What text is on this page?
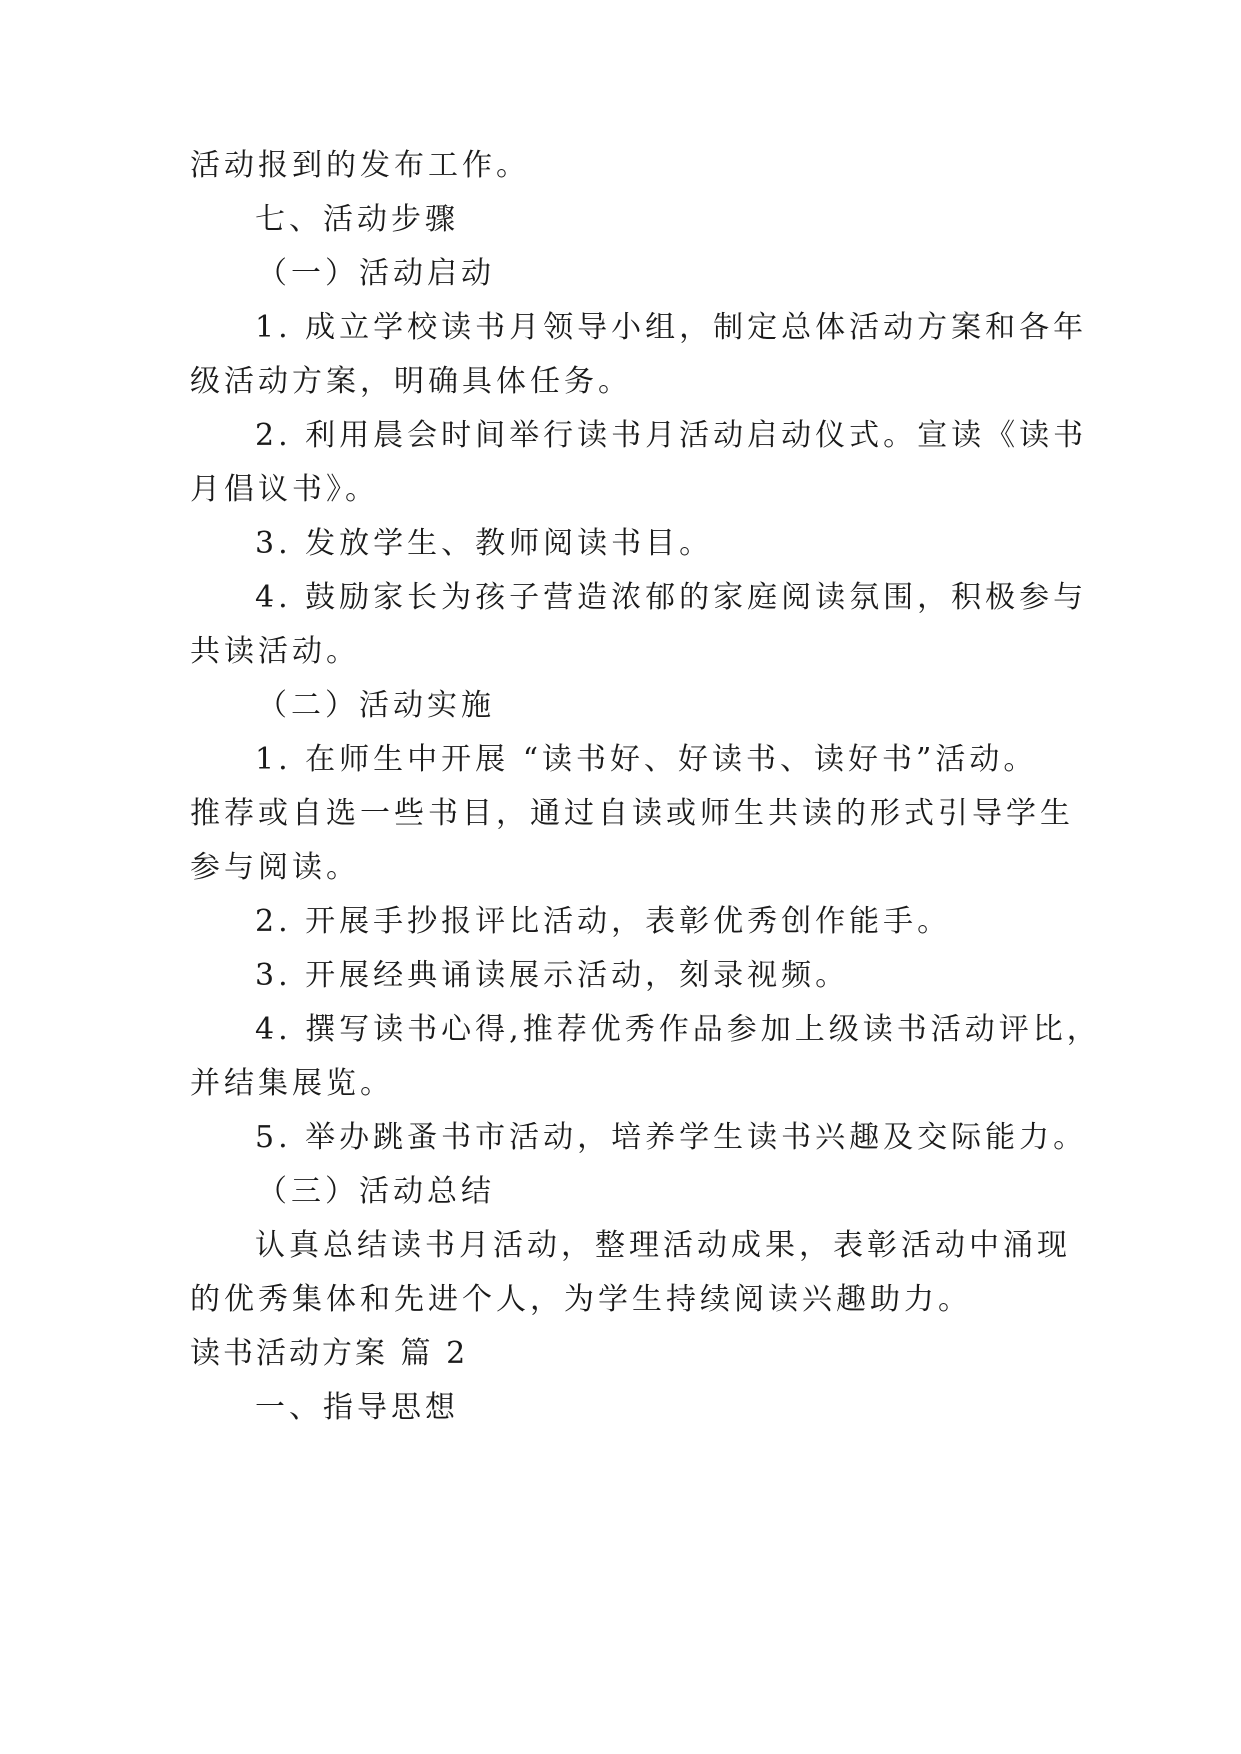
活动报到的发布工作。
七、活动步骤
（一）活动启动
1. 成立学校读书月领导小组，制定总体活动方案和各年
级活动方案，明确具体任务。
2. 利用晨会时间举行读书月活动启动仪式。宣读《读书
月倡议书》。
3. 发放学生、教师阅读书目。
4. 鼓励家长为孩子营造浓郁的家庭阅读氛围，积极参与
共读活动。
（二）活动实施
1. 在师生中开展 “读书好、好读书、读好书”活动。
推荐或自选一些书目，通过自读或师生共读的形式引导学生
参与阅读。
2. 开展手抄报评比活动，表彰优秀创作能手。
3. 开展经典诵读展示活动，刻录视频。
4. 撰写读书心得,推荐优秀作品参加上级读书活动评比，
并结集展览。
5. 举办跳蚤书市活动，培养学生读书兴趣及交际能力。
（三）活动总结
认真总结读书月活动，整理活动成果，表彰活动中涌现
的优秀集体和先进个人，为学生持续阅读兴趣助力。
读书活动方案 篇 2
一、指导思想
